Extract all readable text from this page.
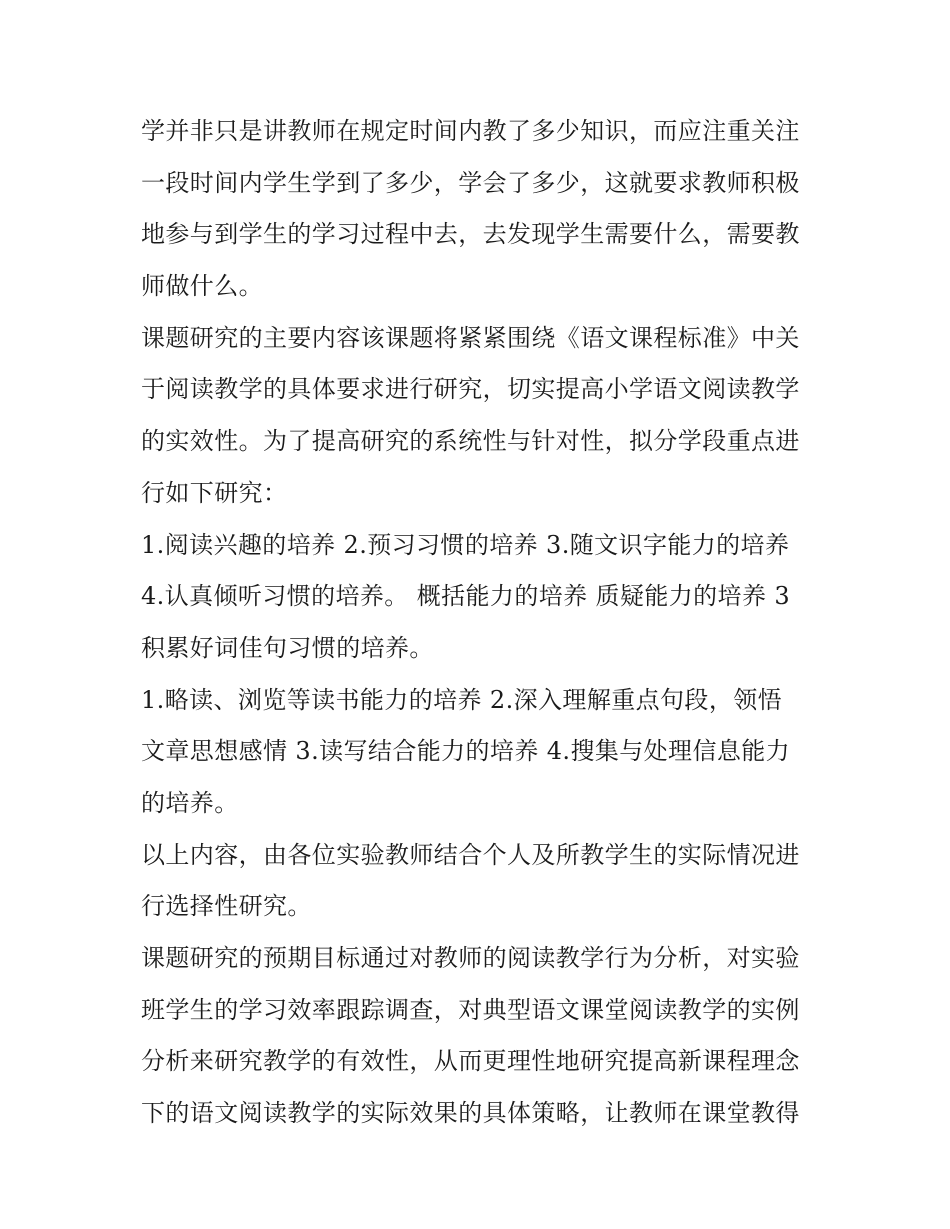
学并非只是讲教师在规定时间内教了多少知识，而应注重关注
一段时间内学生学到了多少，学会了多少，这就要求教师积极
地参与到学生的学习过程中去，去发现学生需要什么，需要教
师做什么。
课题研究的主要内容该课题将紧紧围绕《语文课程标准》中关
于阅读教学的具体要求进行研究，切实提高小学语文阅读教学
的实效性。为了提高研究的系统性与针对性，拟分学段重点进
行如下研究：
1.阅读兴趣的培养 2.预习习惯的培养 3.随文识字能力的培养
4.认真倾听习惯的培养。 概括能力的培养 质疑能力的培养 3
积累好词佳句习惯的培养。
1.略读、浏览等读书能力的培养 2.深入理解重点句段，领悟
文章思想感情 3.读写结合能力的培养 4.搜集与处理信息能力
的培养。
以上内容，由各位实验教师结合个人及所教学生的实际情况进
行选择性研究。
课题研究的预期目标通过对教师的阅读教学行为分析，对实验
班学生的学习效率跟踪调查，对典型语文课堂阅读教学的实例
分析来研究教学的有效性，从而更理性地研究提高新课程理念
下的语文阅读教学的实际效果的具体策略，让教师在课堂教得
